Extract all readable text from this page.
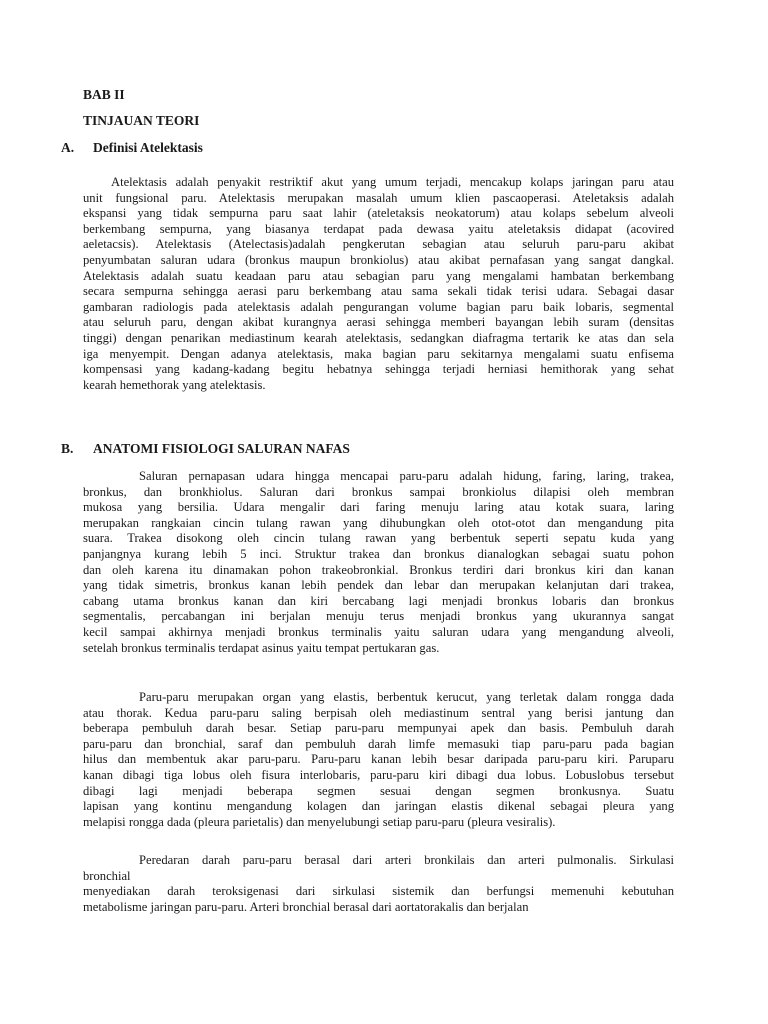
BAB II
TINJAUAN TEORI
A. Definisi Atelektasis
Atelektasis adalah penyakit restriktif akut yang umum terjadi, mencakup kolaps jaringan paru atau
unit fungsional paru. Atelektasis merupakan masalah umum klien pascaoperasi. Ateletaksis adalah
ekspansi yang tidak sempurna paru saat lahir (ateletaksis neokatorum) atau kolaps sebelum alveoli
berkembang sempurna, yang biasanya terdapat pada dewasa yaitu ateletaksis didapat (acovired
aeletacsis). Atelektasis (Atelectasis)adalah pengkerutan sebagian atau seluruh paru-paru akibat
penyumbatan saluran udara (bronkus maupun bronkiolus) atau akibat pernafasan yang sangat dangkal.
Atelektasis adalah suatu keadaan paru atau sebagian paru yang mengalami hambatan berkembang
secara sempurna sehingga aerasi paru berkembang atau sama sekali tidak terisi udara. Sebagai dasar
gambaran radiologis pada atelektasis adalah pengurangan volume bagian paru baik lobaris, segmental
atau seluruh paru, dengan akibat kurangnya aerasi sehingga memberi bayangan lebih suram (densitas
tinggi) dengan penarikan mediastinum kearah atelektasis, sedangkan diafragma tertarik ke atas dan sela
iga menyempit. Dengan adanya atelektasis, maka bagian paru sekitarnya mengalami suatu enfisema
kompensasi yang kadang-kadang begitu hebatnya sehingga terjadi herniasi hemithorak yang sehat
kearah hemethorak yang atelektasis.
B. ANATOMI FISIOLOGI SALURAN NAFAS
Saluran pernapasan udara hingga mencapai paru-paru adalah hidung, faring, laring, trakea,
bronkus, dan bronkhiolus. Saluran dari bronkus sampai bronkiolus dilapisi oleh membran
mukosa yang bersilia. Udara mengalir dari faring menuju laring atau kotak suara, laring
merupakan rangkaian cincin tulang rawan yang dihubungkan oleh otot-otot dan mengandung pita
suara. Trakea disokong oleh cincin tulang rawan yang berbentuk seperti sepatu kuda yang
panjangnya kurang lebih 5 inci. Struktur trakea dan bronkus dianalogkan sebagai suatu pohon
dan oleh karena itu dinamakan pohon trakeobronkial. Bronkus terdiri dari bronkus kiri dan kanan
yang tidak simetris, bronkus kanan lebih pendek dan lebar dan merupakan kelanjutan dari trakea,
cabang utama bronkus kanan dan kiri bercabang lagi menjadi bronkus lobaris dan bronkus
segmentalis, percabangan ini berjalan menuju terus menjadi bronkus yang ukurannya sangat
kecil sampai akhirnya menjadi bronkus terminalis yaitu saluran udara yang mengandung alveoli,
setelah bronkus terminalis terdapat asinus yaitu tempat pertukaran gas.
Paru-paru merupakan organ yang elastis, berbentuk kerucut, yang terletak dalam rongga dada
atau thorak. Kedua paru-paru saling berpisah oleh mediastinum sentral yang berisi jantung dan
beberapa pembuluh darah besar. Setiap paru-paru mempunyai apek dan basis. Pembuluh darah
paru-paru dan bronchial, saraf dan pembuluh darah limfe memasuki tiap paru-paru pada bagian
hilus dan membentuk akar paru-paru. Paru-paru kanan lebih besar daripada paru-paru kiri. Paruparu
kanan dibagi tiga lobus oleh fisura interlobaris, paru-paru kiri dibagi dua lobus. Lobuslobus tersebut
dibagi lagi menjadi beberapa segmen sesuai dengan segmen bronkusnya. Suatu
lapisan yang kontinu mengandung kolagen dan jaringan elastis dikenal sebagai pleura yang
melapisi rongga dada (pleura parietalis) dan menyelubungi setiap paru-paru (pleura vesiralis).
Peredaran darah paru-paru berasal dari arteri bronkilais dan arteri pulmonalis. Sirkulasi
bronchial
menyediakan darah teroksigenasi dari sirkulasi sistemik dan berfungsi memenuhi kebutuhan
metabolisme jaringan paru-paru. Arteri bronchial berasal dari aortatorakalis dan berjalan
